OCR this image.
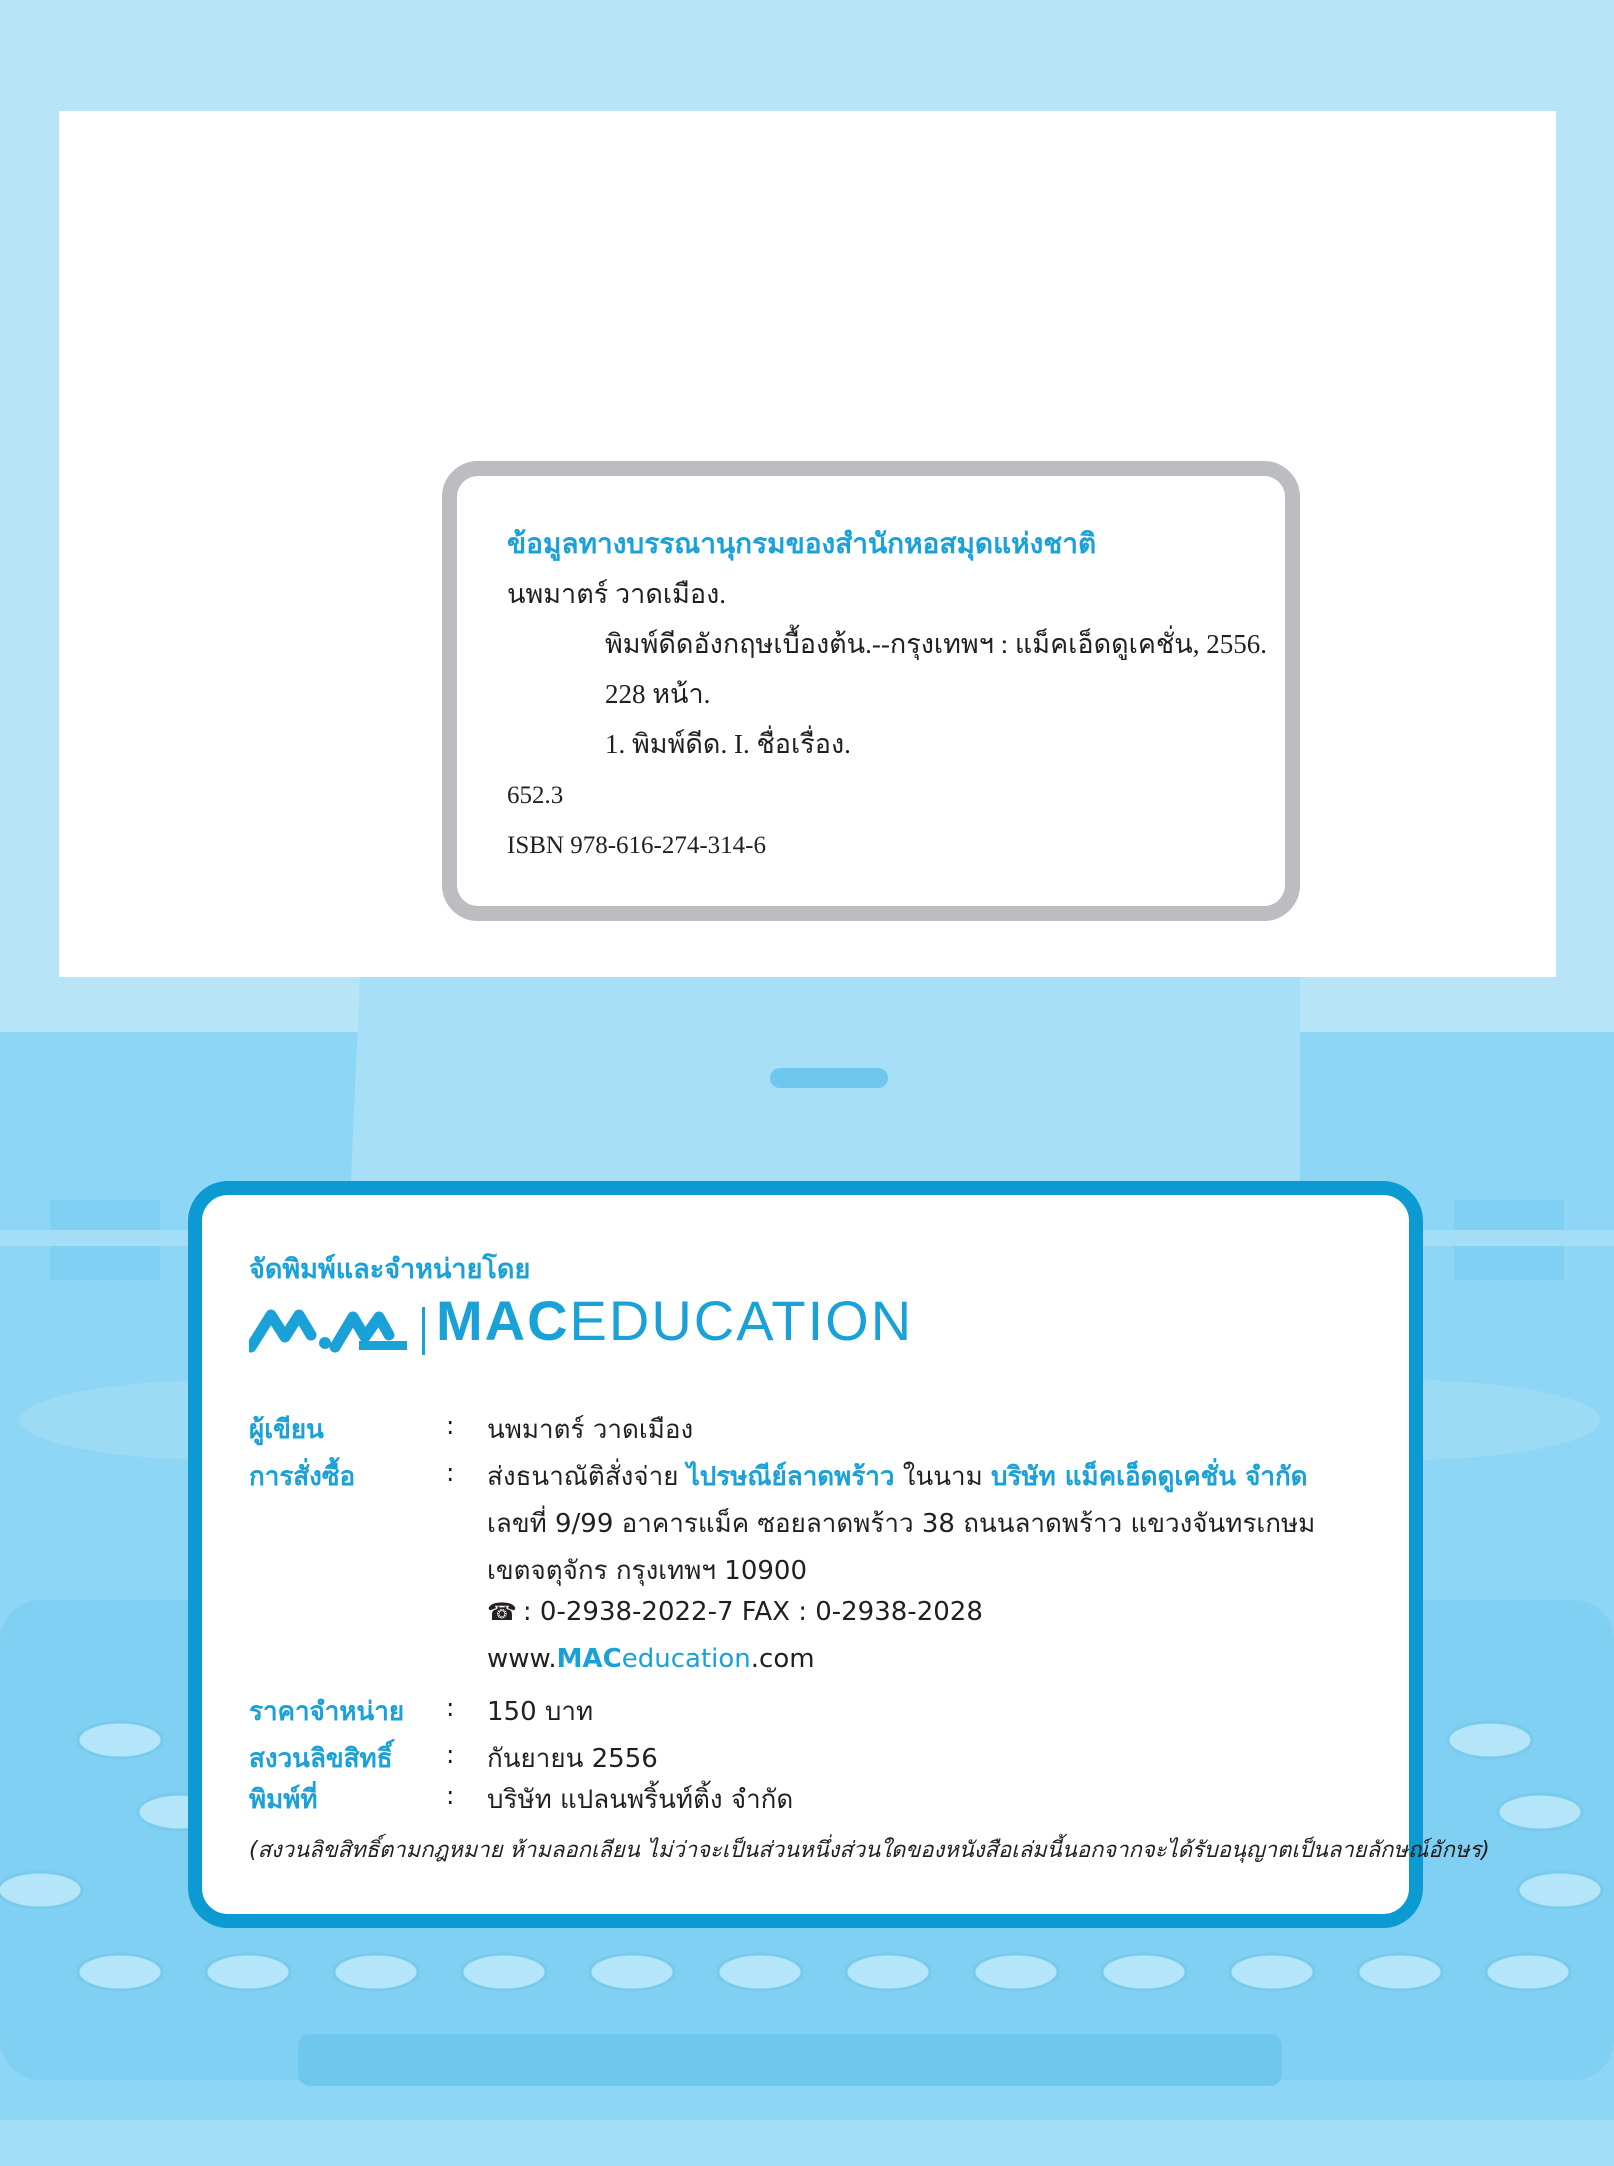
ข้อมูลทางบรรณานุกรมของสำนักหอสมุดแห่งชาติ
นพมาตร์ วาดเมือง.
พิมพ์ดีดอังกฤษเบื้องต้น.--กรุงเทพฯ : แม็คเอ็ดดูเคชั่น, 2556.
228 หน้า.
1. พิมพ์ดีด. I. ชื่อเรื่อง.
652.3
ISBN 978-616-274-314-6
จัดพิมพ์และจำหน่ายโดย
MACEDUCATION
ผู้เขียน	: นพมาตร์ วาดเมือง
การสั่งซื้อ	: ส่งธนาณัติสั่งจ่าย ไปรษณีย์ลาดพร้าว ในนาม บริษัท แม็คเอ็ดดูเคชั่น จำกัด
เลขที่ 9/99 อาคารแม็ค ซอยลาดพร้าว 38 ถนนลาดพร้าว แขวงจันทรเกษม
เขตจตุจักร กรุงเทพฯ 10900
☎ : 0-2938-2022-7 FAX : 0-2938-2028
www.MACeducation.com
ราคาจำหน่าย : 150 บาท
สงวนลิขสิทธิ์ : กันยายน 2556
พิมพ์ที่	: บริษัท แปลนพริ้นท์ติ้ง จำกัด
(สงวนลิขสิทธิ์ตามกฎหมาย ห้ามลอกเลียน ไม่ว่าจะเป็นส่วนหนึ่งส่วนใดของหนังสือเล่มนี้นอกจากจะได้รับอนุญาตเป็นลายลักษณ์อักษร)
